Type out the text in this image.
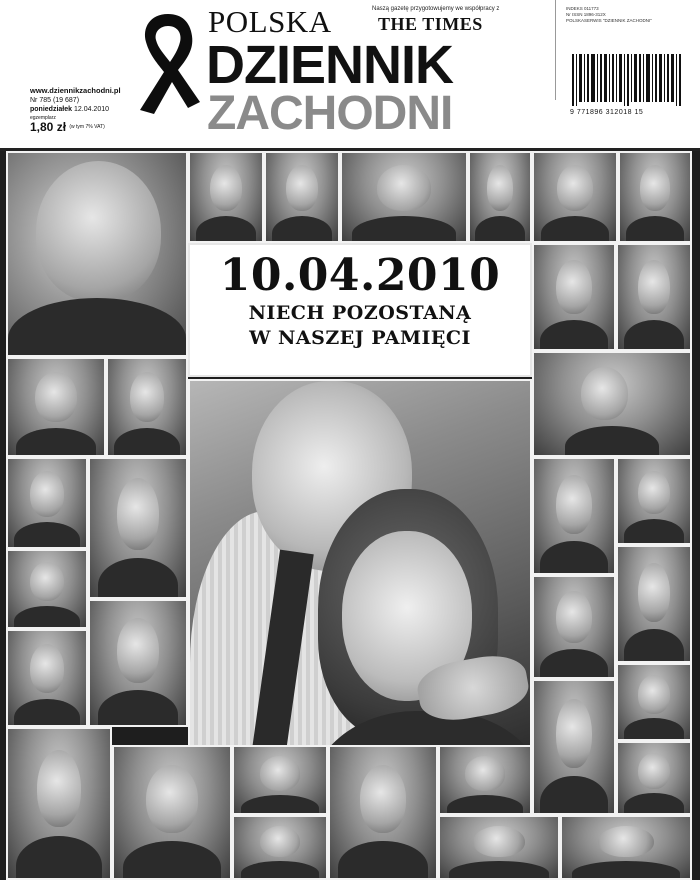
www.dziennikzachodni.pl
Nr 785 (19 687)
poniedziałek 12.04.2010
egzemplarz
1,80 zł $^{(w tym 7\% VAT)}$
POLSKA	Naszą gazetę przygotowujemy we współpracy z
THE TIMES
DZIENNIK
ZACHODNI
INDEKS 011773
Nr ISSN 1896-312X
POLSKASERWIS "DZIENNIK ZACHODNI"
9 771896 312018 15
10.04.2010
NIECH POZOSTANĄ
W NASZEJ PAMIĘCI
